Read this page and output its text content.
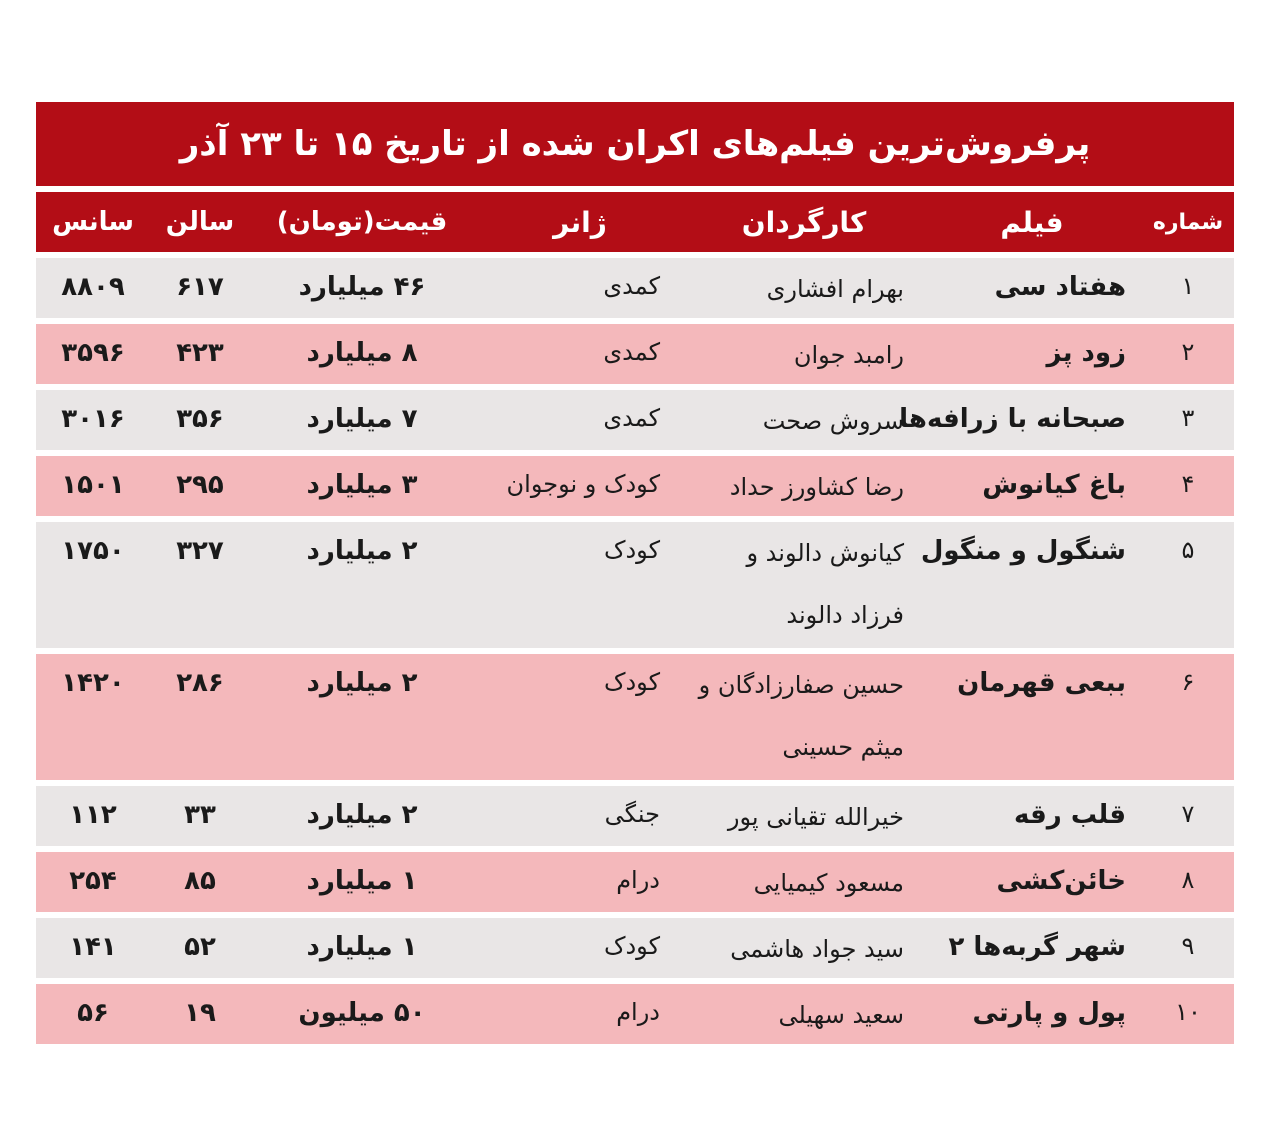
پرفروش‌ترین فیلم‌های اکران شده از تاریخ ۱۵ تا ۲۳ آذر
شماره
فیلم
کارگردان
ژانر
قیمت(تومان)
سالن
سانس
۱
هفتاد سی
بهرام افشاری
کمدی
۴۶ میلیارد
۶۱۷
۸۸۰۹
۲
زود پز
رامبد جوان
کمدی
۸ میلیارد
۴۲۳
۳۵۹۶
۳
صبحانه با زرافه‌ها
سروش صحت
کمدی
۷ میلیارد
۳۵۶
۳۰۱۶
۴
باغ کیانوش
رضا کشاورز حداد
کودک و نوجوان
۳ میلیارد
۲۹۵
۱۵۰۱
۵
شنگول و منگول
کیانوش دالوند و
فرزاد دالوند
کودک
۲ میلیارد
۳۲۷
۱۷۵۰
۶
ببعی قهرمان
حسین صفارزادگان و
میثم حسینی
کودک
۲ میلیارد
۲۸۶
۱۴۲۰
۷
قلب رقه
خیرالله تقیانی پور
جنگی
۲ میلیارد
۳۳
۱۱۲
۸
خائن‌کشی
مسعود کیمیایی
درام
۱ میلیارد
۸۵
۲۵۴
۹
شهر گربه‌ها ۲
سید جواد هاشمی
کودک
۱ میلیارد
۵۲
۱۴۱
۱۰
پول و پارتی
سعید سهیلی
درام
۵۰ میلیون
۱۹
۵۶
